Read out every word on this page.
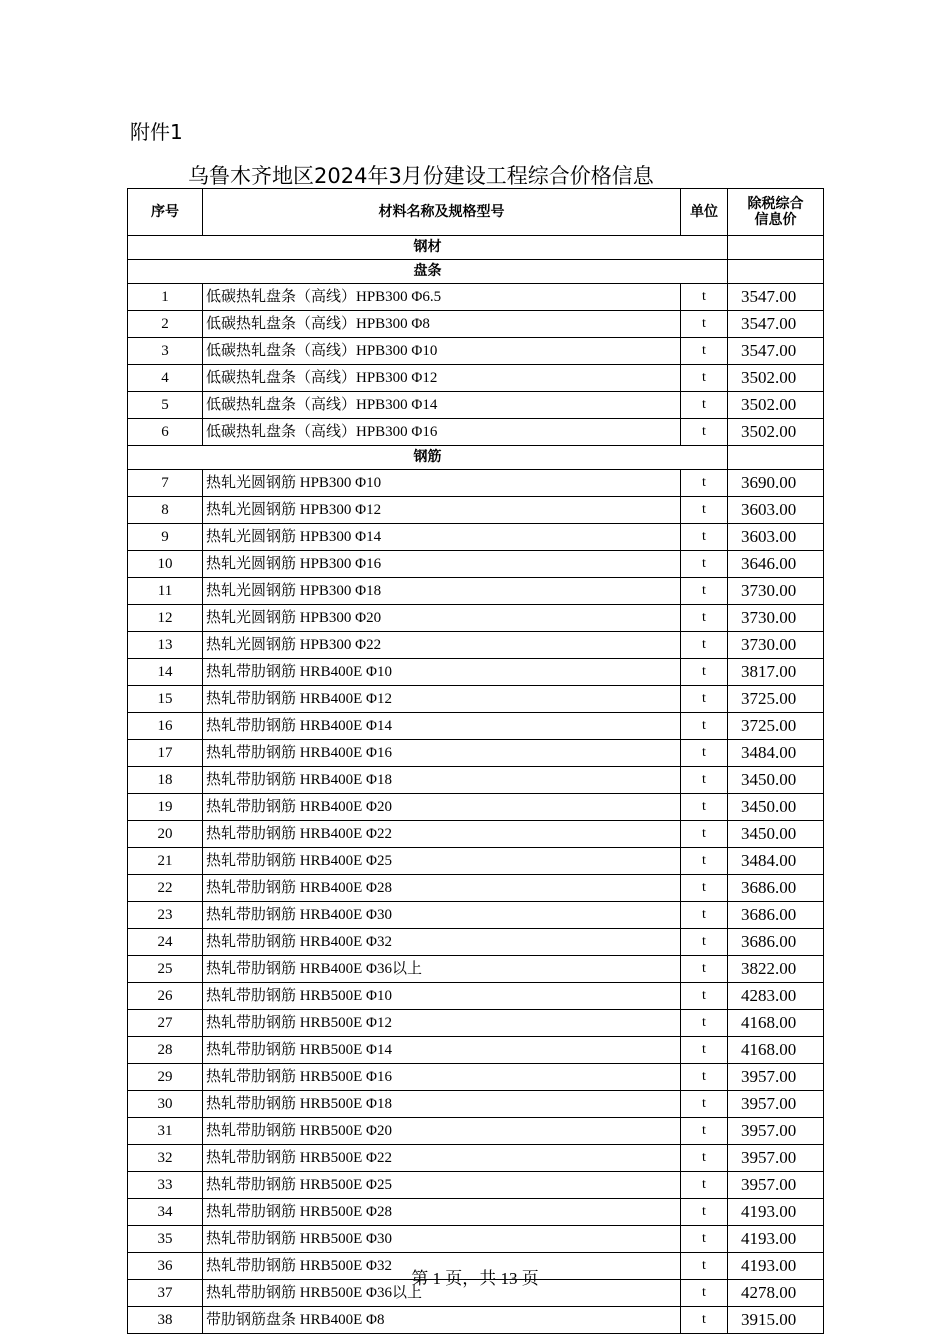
附件1
乌鲁木齐地区2024年3月份建设工程综合价格信息
序号	材料名称及规格型号	单位	除税综合
信息价
钢材			
盘条			
1	低碳热轧盘条（高线）HPB300 Φ6.5	t	3547.00
2	低碳热轧盘条（高线）HPB300 Φ8	t	3547.00
3	低碳热轧盘条（高线）HPB300 Φ10	t	3547.00
4	低碳热轧盘条（高线）HPB300 Φ12	t	3502.00
5	低碳热轧盘条（高线）HPB300 Φ14	t	3502.00
6	低碳热轧盘条（高线）HPB300 Φ16	t	3502.00
钢筋			
7	热轧光圆钢筋 HPB300 Φ10	t	3690.00
8	热轧光圆钢筋 HPB300 Φ12	t	3603.00
9	热轧光圆钢筋 HPB300 Φ14	t	3603.00
10	热轧光圆钢筋 HPB300 Φ16	t	3646.00
11	热轧光圆钢筋 HPB300 Φ18	t	3730.00
12	热轧光圆钢筋 HPB300 Φ20	t	3730.00
13	热轧光圆钢筋 HPB300 Φ22	t	3730.00
14	热轧带肋钢筋 HRB400E Φ10	t	3817.00
15	热轧带肋钢筋 HRB400E Φ12	t	3725.00
16	热轧带肋钢筋 HRB400E Φ14	t	3725.00
17	热轧带肋钢筋 HRB400E Φ16	t	3484.00
18	热轧带肋钢筋 HRB400E Φ18	t	3450.00
19	热轧带肋钢筋 HRB400E Φ20	t	3450.00
20	热轧带肋钢筋 HRB400E Φ22	t	3450.00
21	热轧带肋钢筋 HRB400E Φ25	t	3484.00
22	热轧带肋钢筋 HRB400E Φ28	t	3686.00
23	热轧带肋钢筋 HRB400E Φ30	t	3686.00
24	热轧带肋钢筋 HRB400E Φ32	t	3686.00
25	热轧带肋钢筋 HRB400E Φ36以上	t	3822.00
26	热轧带肋钢筋 HRB500E Φ10	t	4283.00
27	热轧带肋钢筋 HRB500E Φ12	t	4168.00
28	热轧带肋钢筋 HRB500E Φ14	t	4168.00
29	热轧带肋钢筋 HRB500E Φ16	t	3957.00
30	热轧带肋钢筋 HRB500E Φ18	t	3957.00
31	热轧带肋钢筋 HRB500E Φ20	t	3957.00
32	热轧带肋钢筋 HRB500E Φ22	t	3957.00
33	热轧带肋钢筋 HRB500E Φ25	t	3957.00
34	热轧带肋钢筋 HRB500E Φ28	t	4193.00
35	热轧带肋钢筋 HRB500E Φ30	t	4193.00
36	热轧带肋钢筋 HRB500E Φ32	t	4193.00
37	热轧带肋钢筋 HRB500E Φ36以上	t	4278.00
38	带肋钢筋盘条 HRB400E Φ8	t	3915.00
第 1 页，共 13 页
